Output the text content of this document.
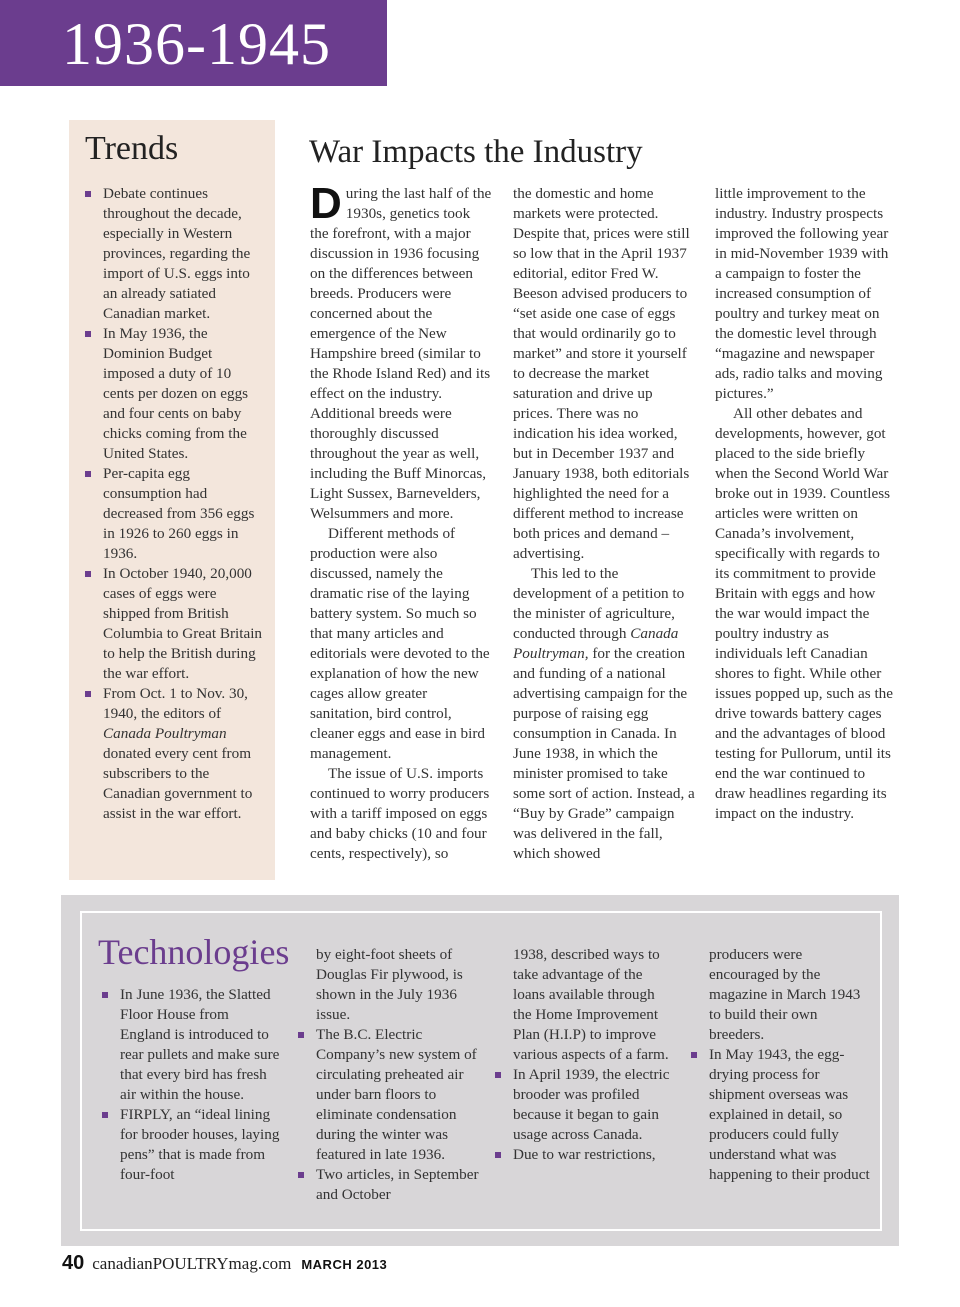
1936-1945
Trends
Debate continues throughout the decade, especially in Western provinces, regarding the import of U.S. eggs into an already satiated Canadian market.
In May 1936, the Dominion Budget imposed a duty of 10 cents per dozen on eggs and four cents on baby chicks coming from the United States.
Per-capita egg consumption had decreased from 356 eggs in 1926 to 260 eggs in 1936.
In October 1940, 20,000 cases of eggs were shipped from British Columbia to Great Britain to help the British during the war effort.
From Oct. 1 to Nov. 30, 1940, the editors of Canada Poultryman donated every cent from subscribers to the Canadian government to assist in the war effort.
War Impacts the Industry

During the last half of the 1930s, genetics took the forefront, with a major discussion in 1936 focusing on the differences between breeds. Producers were concerned about the emergence of the New Hampshire breed (similar to the Rhode Island Red) and its effect on the industry. Additional breeds were thoroughly discussed throughout the year as well, including the Buff Minorcas, Light Sussex, Barnevelders, Welsummers and more.

Different methods of production were also discussed, namely the dramatic rise of the laying battery system. So much so that many articles and editorials were devoted to the explanation of how the new cages allow greater sanitation, bird control, cleaner eggs and ease in bird management.

The issue of U.S. imports continued to worry producers with a tariff imposed on eggs and baby chicks (10 and four cents, respectively), so

the domestic and home markets were protected. Despite that, prices were still so low that in the April 1937 editorial, editor Fred W. Beeson advised producers to “set aside one case of eggs that would ordinarily go to market” and store it yourself to decrease the market saturation and drive up prices. There was no indication his idea worked, but in December 1937 and January 1938, both editorials highlighted the need for a different method to increase both prices and demand – advertising.

This led to the development of a petition to the minister of agriculture, conducted through Canada Poultryman, for the creation and funding of a national advertising campaign for the purpose of raising egg consumption in Canada. In June 1938, in which the minister promised to take some sort of action. Instead, a “Buy by Grade” campaign was delivered in the fall, which showed

little improvement to the industry. Industry prospects improved the following year in mid-November 1939 with a campaign to foster the increased consumption of poultry and turkey meat on the domestic level through “magazine and newspaper ads, radio talks and moving pictures.”

All other debates and developments, however, got placed to the side briefly when the Second World War broke out in 1939. Countless articles were written on Canada’s involvement, specifically with regards to its commitment to provide Britain with eggs and how the war would impact the poultry industry as individuals left Canadian shores to fight. While other issues popped up, such as the drive towards battery cages and the advantages of blood testing for Pullorum, until its end the war continued to draw headlines regarding its impact on the industry.

Technologies
In June 1936, the Slatted Floor House from England is introduced to rear pullets and make sure that every bird has fresh air within the house.
FIRPLY, an “ideal lining for brooder houses, laying pens” that is made from four-foot

by eight-foot sheets of Douglas Fir plywood, is shown in the July 1936 issue.

The B.C. Electric Company’s new system of circulating preheated air under barn floors to eliminate condensation during the winter was featured in late 1936.
Two articles, in September and October

1938, described ways to take advantage of the loans available through the Home Improvement Plan (H.I.P) to improve various aspects of a farm.

In April 1939, the electric brooder was profiled because it began to gain usage across Canada.
Due to war restrictions,

producers were encouraged by the magazine in March 1943 to build their own breeders.

In May 1943, the egg-drying process for shipment overseas was explained in detail, so producers could fully understand what was happening to their product
40 canadianPOULTRYmag.com MARCH 2013
